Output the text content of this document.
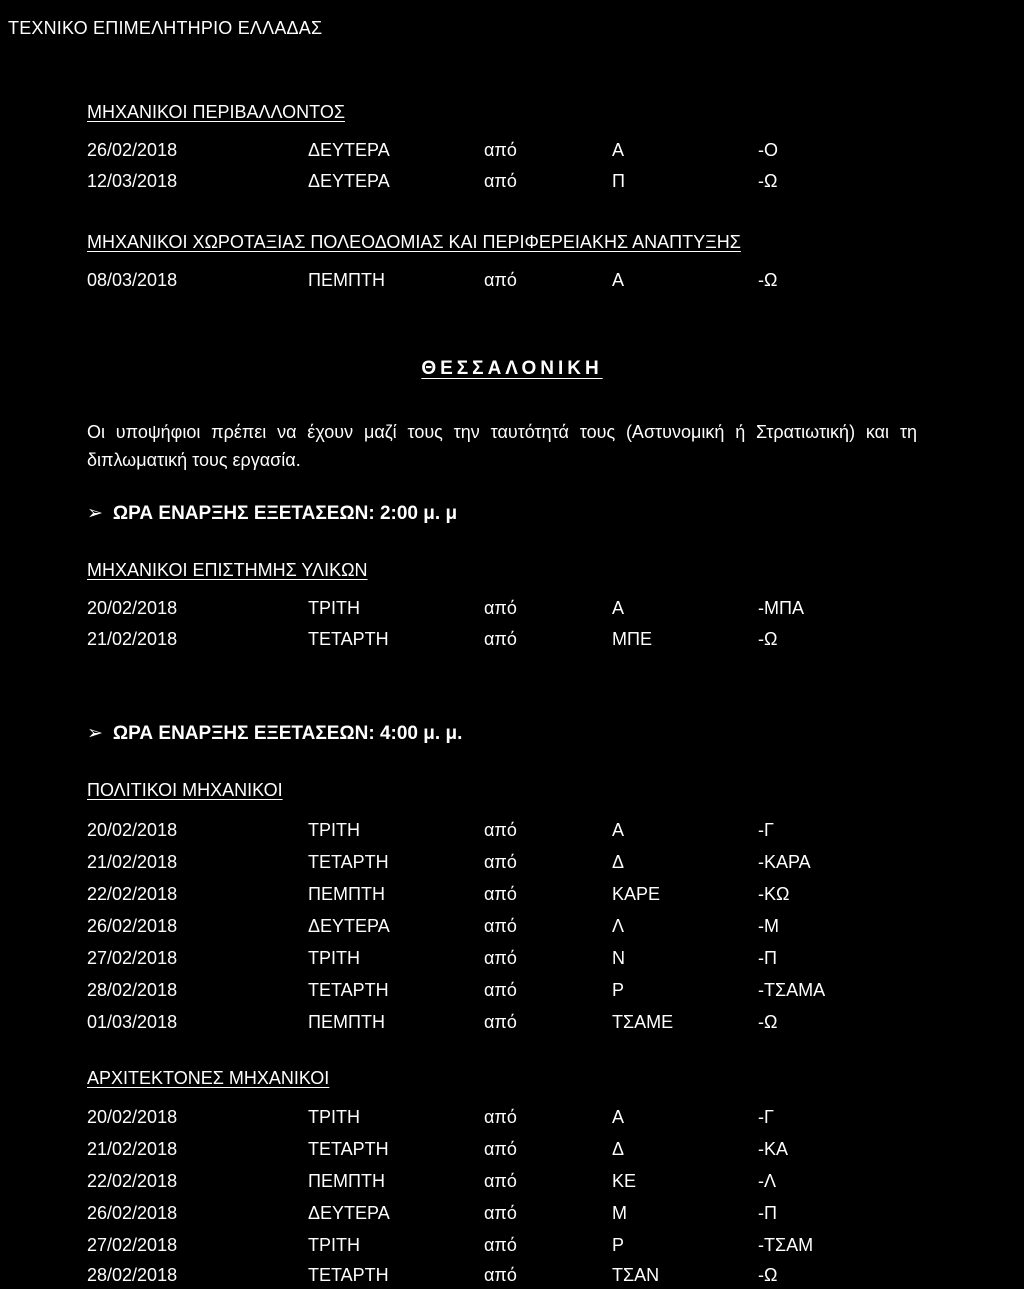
ΤΕΧΝΙΚΟ ΕΠΙΜΕΛΗΤΗΡΙΟ ΕΛΛΑΔΑΣ
ΜΗΧΑΝΙΚΟΙ ΠΕΡΙΒΑΛΛΟΝΤΟΣ
26/02/2018	ΔΕΥΤΕΡΑ	από	Α	-Ο
12/03/2018	ΔΕΥΤΕΡΑ	από	Π	-Ω
ΜΗΧΑΝΙΚΟΙ ΧΩΡΟΤΑΞΙΑΣ ΠΟΛΕΟΔΟΜΙΑΣ ΚΑΙ ΠΕΡΙΦΕΡΕΙΑΚΗΣ ΑΝΑΠΤΥΞΗΣ
08/03/2018	ΠΕΜΠΤΗ	από	Α	-Ω
ΘΕΣΣΑΛΟΝΙΚΗ
Οι υποψήφιοι πρέπει να έχουν μαζί τους την ταυτότητά τους (Αστυνομική ή Στρατιωτική) και τη διπλωματική τους εργασία.
➢ ΩΡΑ ΕΝΑΡΞΗΣ ΕΞΕΤΑΣΕΩΝ: 2:00 μ. μ
ΜΗΧΑΝΙΚΟΙ ΕΠΙΣΤΗΜΗΣ ΥΛΙΚΩΝ
20/02/2018	ΤΡΙΤΗ	από	Α	-ΜΠΑ
21/02/2018	ΤΕΤΑΡΤΗ	από	ΜΠΕ	-Ω
➢ ΩΡΑ ΕΝΑΡΞΗΣ ΕΞΕΤΑΣΕΩΝ: 4:00 μ. μ.
ΠΟΛΙΤΙΚΟΙ ΜΗΧΑΝΙΚΟΙ
20/02/2018	ΤΡΙΤΗ	από	Α	-Γ
21/02/2018	ΤΕΤΑΡΤΗ	από	Δ	-ΚΑΡΑ
22/02/2018	ΠΕΜΠΤΗ	από	ΚΑΡΕ	-ΚΩ
26/02/2018	ΔΕΥΤΕΡΑ	από	Λ	-Μ
27/02/2018	ΤΡΙΤΗ	από	Ν	-Π
28/02/2018	ΤΕΤΑΡΤΗ	από	Ρ	-ΤΣΑΜΑ
01/03/2018	ΠΕΜΠΤΗ	από	ΤΣΑΜΕ	-Ω
ΑΡΧΙΤΕΚΤΟΝΕΣ ΜΗΧΑΝΙΚΟΙ
20/02/2018	ΤΡΙΤΗ	από	Α	-Γ
21/02/2018	ΤΕΤΑΡΤΗ	από	Δ	-ΚΑ
22/02/2018	ΠΕΜΠΤΗ	από	ΚΕ	-Λ
26/02/2018	ΔΕΥΤΕΡΑ	από	Μ	-Π
27/02/2018	ΤΡΙΤΗ	από	Ρ	-ΤΣΑΜ
28/02/2018	ΤΕΤΑΡΤΗ	από	ΤΣΑΝ	-Ω
